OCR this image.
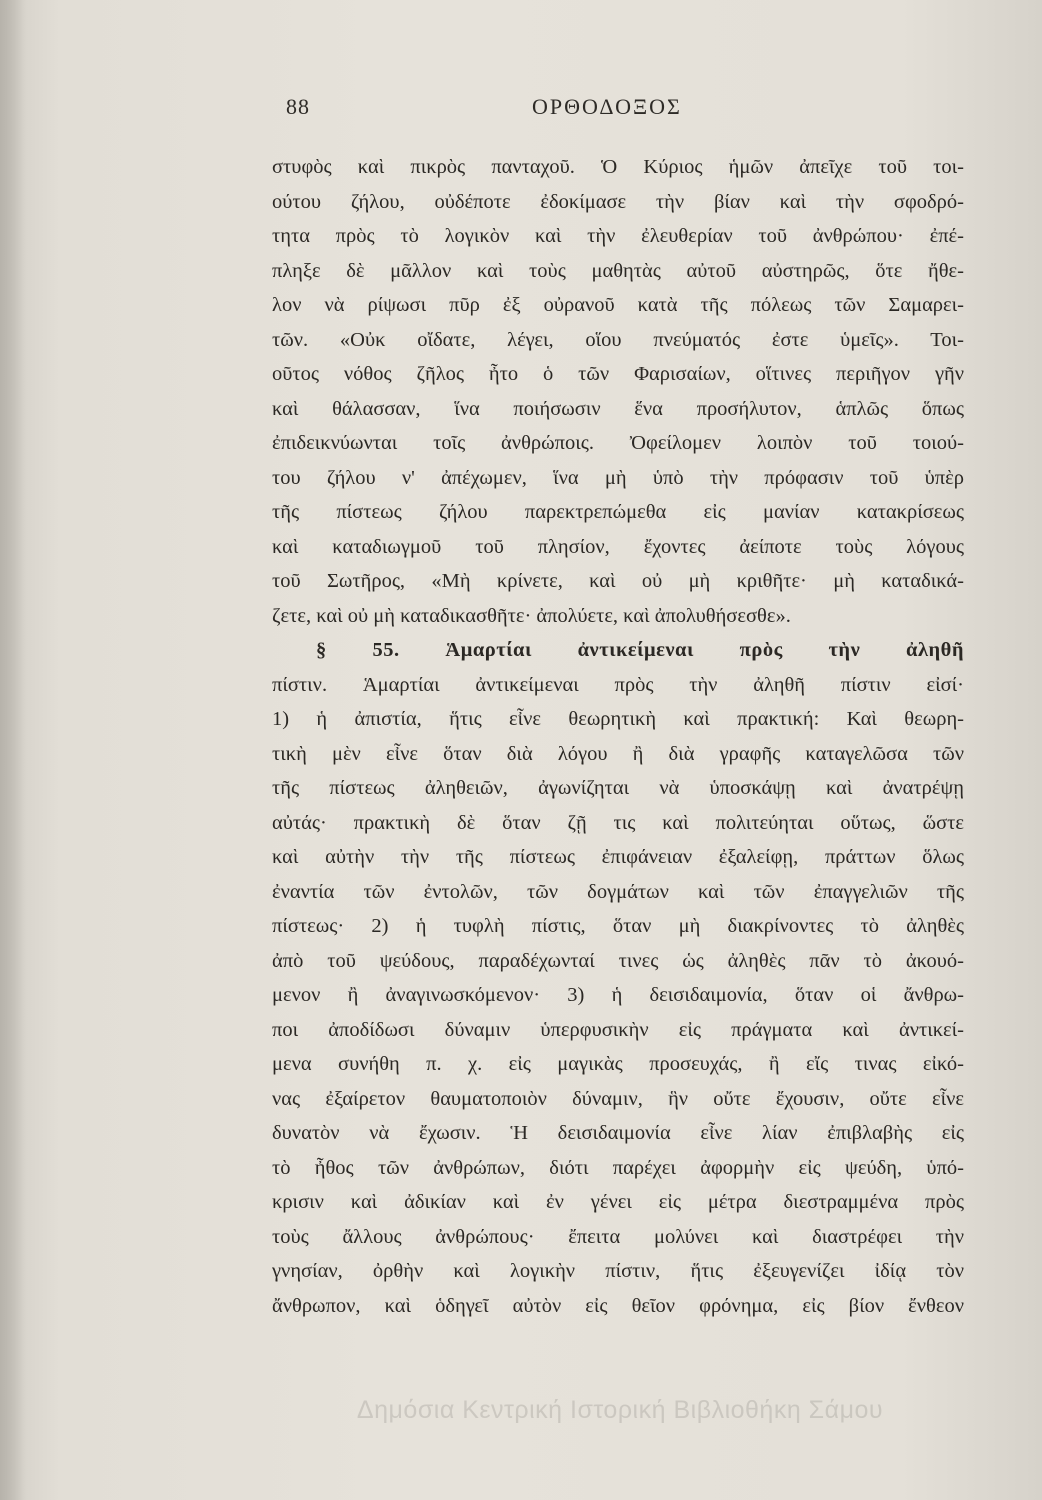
88	ΟΡΘΟΔΟΞΟΣ
στυφὸς καὶ πικρὸς πανταχοῦ. Ὁ Κύριος ἡμῶν ἀπεῖχε τοῦ τοι-
ούτου ζήλου, οὐδέποτε ἐδοκίμασε τὴν βίαν καὶ τὴν σφοδρό-
τητα πρὸς τὸ λογικὸν καὶ τὴν ἐλευθερίαν τοῦ ἀνθρώπου· ἐπέ-
πληξε δὲ μᾶλλον καὶ τοὺς μαθητὰς αὐτοῦ αὐστηρῶς, ὅτε ἤθε-
λον νὰ ρίψωσι πῦρ ἐξ οὐρανοῦ κατὰ τῆς πόλεως τῶν Σαμαρει-
τῶν. «Οὐκ οἴδατε, λέγει, οἵου πνεύματός ἐστε ὑμεῖς». Τοι-
οῦτος νόθος ζῆλος ἦτο ὁ τῶν Φαρισαίων, οἵτινες περιῆγον γῆν
καὶ θάλασσαν, ἵνα ποιήσωσιν ἕνα προσήλυτον, ἁπλῶς ὅπως
ἐπιδεικνύωνται τοῖς ἀνθρώποις. Ὀφείλομεν λοιπὸν τοῦ τοιού-
του ζήλου ν' ἀπέχωμεν, ἵνα μὴ ὑπὸ τὴν πρόφασιν τοῦ ὑπὲρ
τῆς πίστεως ζήλου παρεκτρεπώμεθα εἰς μανίαν κατακρίσεως
καὶ καταδιωγμοῦ τοῦ πλησίον, ἔχοντες ἀείποτε τοὺς λόγους
τοῦ Σωτῆρος, «Μὴ κρίνετε, καὶ οὐ μὴ κριθῆτε· μὴ καταδικά-
ζετε, καὶ οὐ μὴ καταδικασθῆτε· ἀπολύετε, καὶ ἀπολυθήσεσθε».
§ 55. Ἁμαρτίαι ἀντικείμεναι πρὸς τὴν ἀληθῆ
πίστιν. Ἁμαρτίαι ἀντικείμεναι πρὸς τὴν ἀληθῆ πίστιν εἰσί·
1) ἡ ἀπιστία, ἥτις εἶνε θεωρητικὴ καὶ πρακτική: Καὶ θεωρη-
τικὴ μὲν εἶνε ὅταν διὰ λόγου ἢ διὰ γραφῆς καταγελῶσα τῶν
τῆς πίστεως ἀληθειῶν, ἀγωνίζηται νὰ ὑποσκάψῃ καὶ ἀνατρέψῃ
αὐτάς· πρακτικὴ δὲ ὅταν ζῇ τις καὶ πολιτεύηται οὕτως, ὥστε
καὶ αὐτὴν τὴν τῆς πίστεως ἐπιφάνειαν ἐξαλείφῃ, πράττων ὅλως
ἐναντία τῶν ἐντολῶν, τῶν δογμάτων καὶ τῶν ἐπαγγελιῶν τῆς
πίστεως· 2) ἡ τυφλὴ πίστις, ὅταν μὴ διακρίνοντες τὸ ἀληθὲς
ἀπὸ τοῦ ψεύδους, παραδέχωνταί τινες ὡς ἀληθὲς πᾶν τὸ ἀκουό-
μενον ἢ ἀναγινωσκόμενον· 3) ἡ δεισιδαιμονία, ὅταν οἱ ἄνθρω-
ποι ἀποδίδωσι δύναμιν ὑπερφυσικὴν εἰς πράγματα καὶ ἀντικεί-
μενα συνήθη π. χ. εἰς μαγικὰς προσευχάς, ἢ εἴς τινας εἰκό-
νας ἐξαίρετον θαυματοποιὸν δύναμιν, ἣν οὔτε ἔχουσιν, οὔτε εἶνε
δυνατὸν νὰ ἔχωσιν. Ἡ δεισιδαιμονία εἶνε λίαν ἐπιβλαβὴς εἰς
τὸ ἦθος τῶν ἀνθρώπων, διότι παρέχει ἀφορμὴν εἰς ψεύδη, ὑπό-
κρισιν καὶ ἀδικίαν καὶ ἐν γένει εἰς μέτρα διεστραμμένα πρὸς
τοὺς ἄλλους ἀνθρώπους· ἔπειτα μολύνει καὶ διαστρέφει τὴν
γνησίαν, ὀρθὴν καὶ λογικὴν πίστιν, ἥτις ἐξευγενίζει ἰδίᾳ τὸν
ἄνθρωπον, καὶ ὁδηγεῖ αὐτὸν εἰς θεῖον φρόνημα, εἰς βίον ἔνθεον
Δημόσια Κεντρική Ιστορική Βιβλιοθήκη Σάμου
